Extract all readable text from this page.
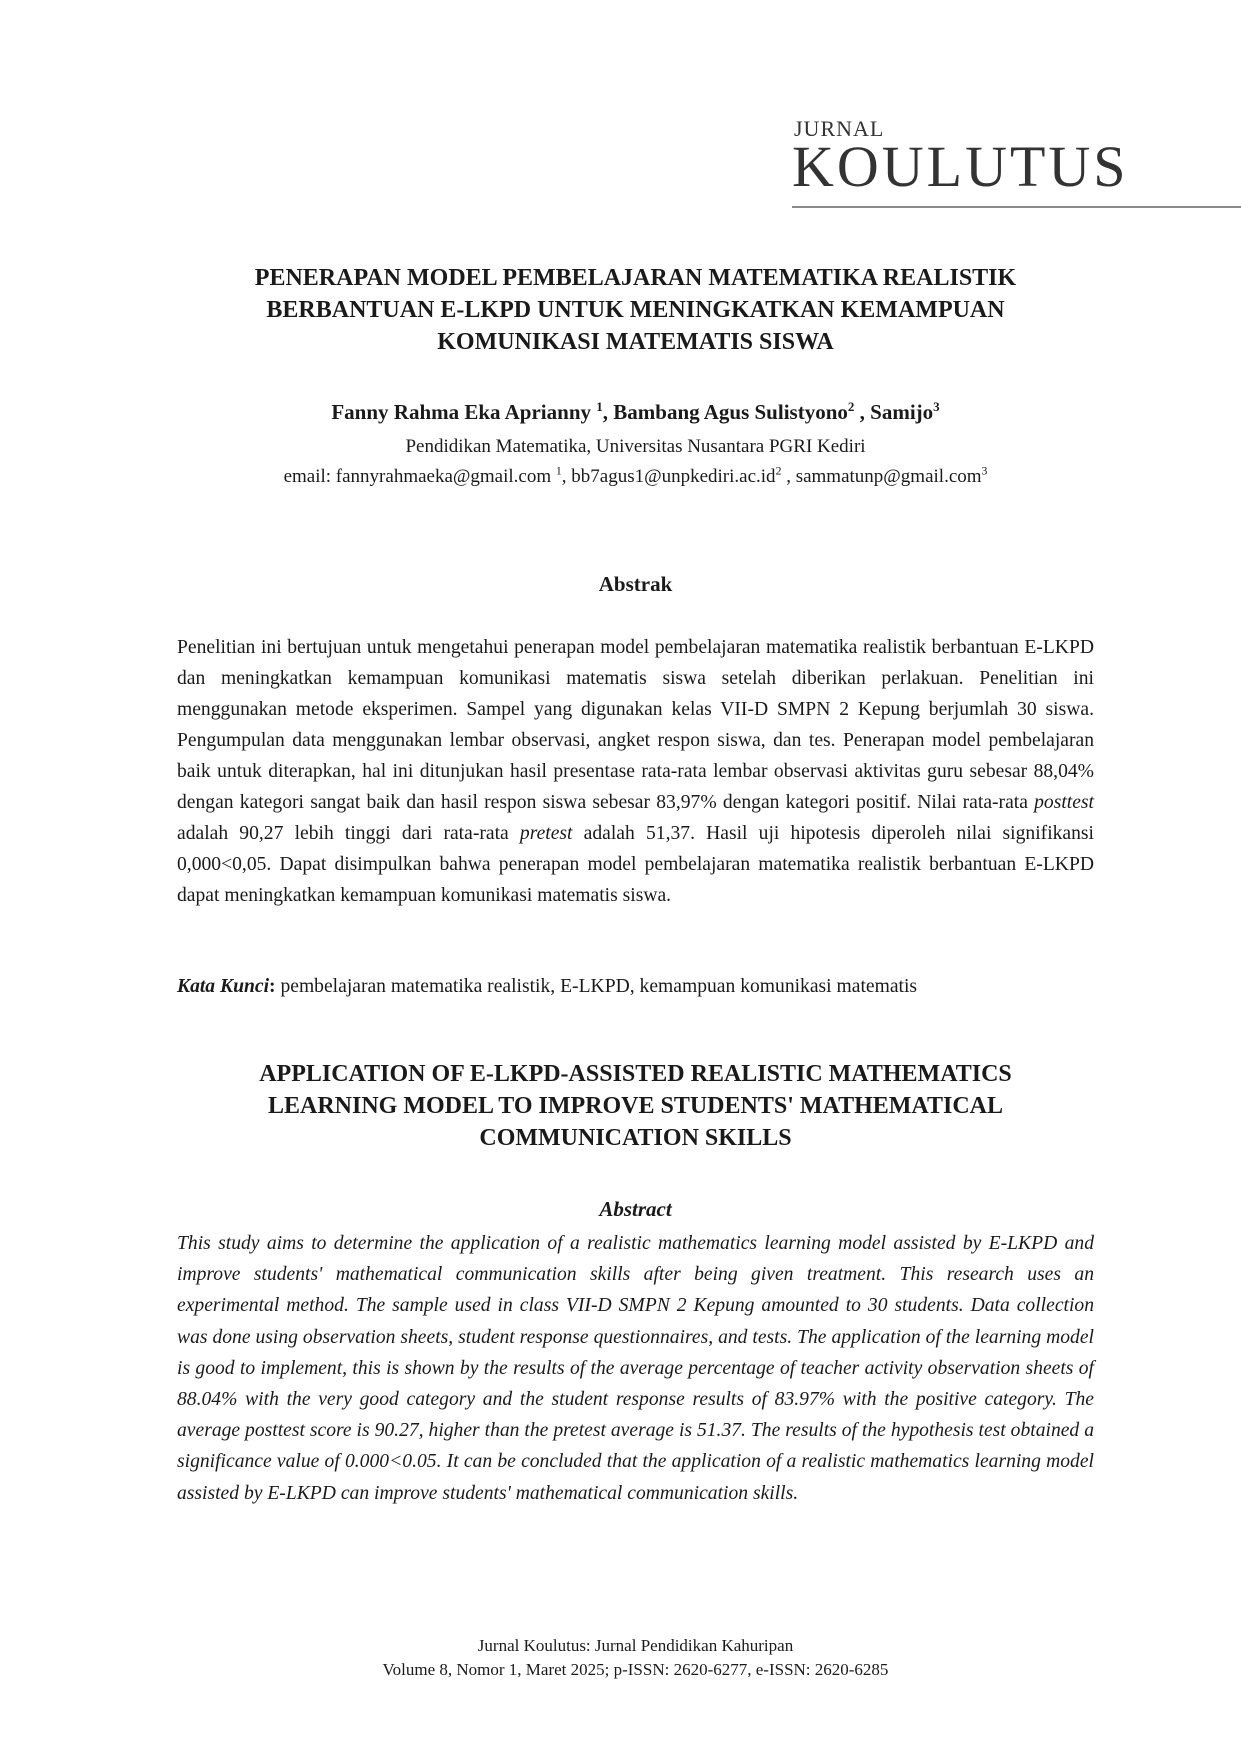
JURNAL
KOULUTUS
PENERAPAN MODEL PEMBELAJARAN MATEMATIKA REALISTIK
BERBANTUAN E-LKPD UNTUK MENINGKATKAN KEMAMPUAN
KOMUNIKASI MATEMATIS SISWA
Fanny Rahma Eka Aprianny $^1$, Bambang Agus Sulistyono$^2$ , Samijo$^3$
Pendidikan Matematika, Universitas Nusantara PGRI Kediri
email: fannyrahmaeka@gmail.com $^1$, $bb7agus1@unpkediri.ac.id^2$ , sammatunp@gmail.com$^3$
Abstrak
Penelitian ini bertujuan untuk mengetahui penerapan model pembelajaran matematika realistik berbantuan E-LKPD dan meningkatkan kemampuan komunikasi matematis siswa setelah diberikan perlakuan. Penelitian ini menggunakan metode eksperimen. Sampel yang digunakan kelas VII-D SMPN 2 Kepung berjumlah 30 siswa. Pengumpulan data menggunakan lembar observasi, angket respon siswa, dan tes. Penerapan model pembelajaran baik untuk diterapkan, hal ini ditunjukan hasil presentase rata-rata lembar observasi aktivitas guru sebesar 88,04% dengan kategori sangat baik dan hasil respon siswa sebesar 83,97% dengan kategori positif. Nilai rata-rata posttest adalah 90,27 lebih tinggi dari rata-rata pretest adalah 51,37. Hasil uji hipotesis diperoleh nilai signifikansi 0,000<0,05. Dapat disimpulkan bahwa penerapan model pembelajaran matematika realistik berbantuan E-LKPD dapat meningkatkan kemampuan komunikasi matematis siswa.
Kata Kunci: pembelajaran matematika realistik, E-LKPD, kemampuan komunikasi matematis
APPLICATION OF E-LKPD-ASSISTED REALISTIC MATHEMATICS
LEARNING MODEL TO IMPROVE STUDENTS' MATHEMATICAL
COMMUNICATION SKILLS
Abstract
This study aims to determine the application of a realistic mathematics learning model assisted by E-LKPD and improve students' mathematical communication skills after being given treatment. This research uses an experimental method. The sample used in class VII-D SMPN 2 Kepung amounted to 30 students. Data collection was done using observation sheets, student response questionnaires, and tests. The application of the learning model is good to implement, this is shown by the results of the average percentage of teacher activity observation sheets of 88.04% with the very good category and the student response results of 83.97% with the positive category. The average posttest score is 90.27, higher than the pretest average is 51.37. The results of the hypothesis test obtained a significance value of 0.000<0.05. It can be concluded that the application of a realistic mathematics learning model assisted by E-LKPD can improve students' mathematical communication skills.
Jurnal Koulutus: Jurnal Pendidikan Kahuripan
Volume 8, Nomor 1, Maret 2025; p-ISSN: 2620-6277, e-ISSN: 2620-6285
